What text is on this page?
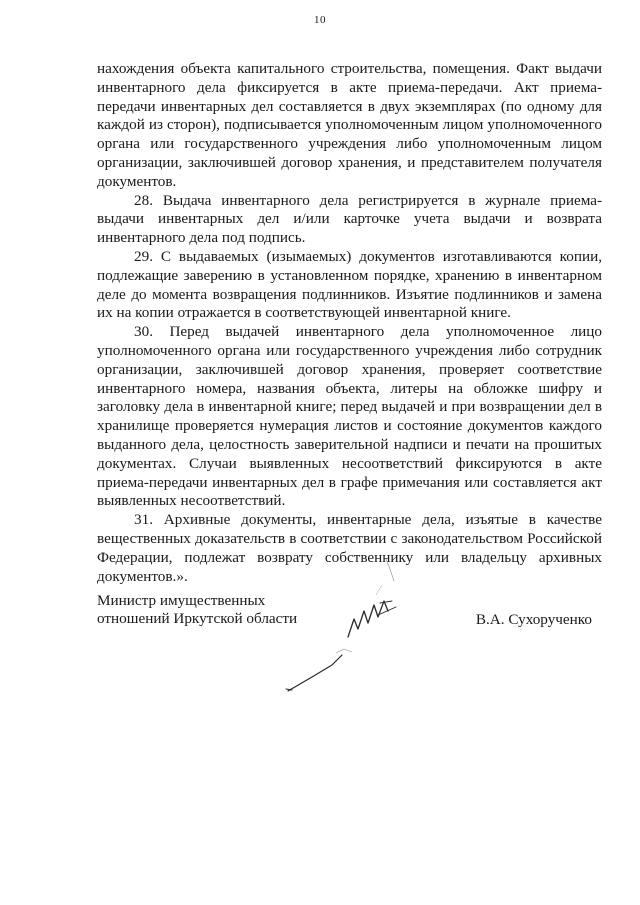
10

нахождения объекта капитального строительства, помещения. Факт выдачи инвентарного дела фиксируется в акте приема-передачи. Акт приема-передачи инвентарных дел составляется в двух экземплярах (по одному для каждой из сторон), подписывается уполномоченным лицом уполномоченного органа или государственного учреждения либо уполномоченным лицом организации, заключившей договор хранения, и представителем получателя документов.

28. Выдача инвентарного дела регистрируется в журнале приема-выдачи инвентарных дел и/или карточке учета выдачи и возврата инвентарного дела под подпись.

29. С выдаваемых (изымаемых) документов изготавливаются копии, подлежащие заверению в установленном порядке, хранению в инвентарном деле до момента возвращения подлинников. Изъятие подлинников и замена их на копии отражается в соответствующей инвентарной книге.

30. Перед выдачей инвентарного дела уполномоченное лицо уполномоченного органа или государственного учреждения либо сотрудник организации, заключившей договор хранения, проверяет соответствие инвентарного номера, названия объекта, литеры на обложке шифру и заголовку дела в инвентарной книге; перед выдачей и при возвращении дел в хранилище проверяется нумерация листов и состояние документов каждого выданного дела, целостность заверительной надписи и печати на прошитых документах. Случаи выявленных несоответствий фиксируются в акте приема-передачи инвентарных дел в графе примечания или составляется акт выявленных несоответствий.

31. Архивные документы, инвентарные дела, изъятые в качестве вещественных доказательств в соответствии с законодательством Российской Федерации, подлежат возврату собственнику или владельцу архивных документов.».

Министр имущественных
отношений Иркутской области	В.А. Сухорученко
